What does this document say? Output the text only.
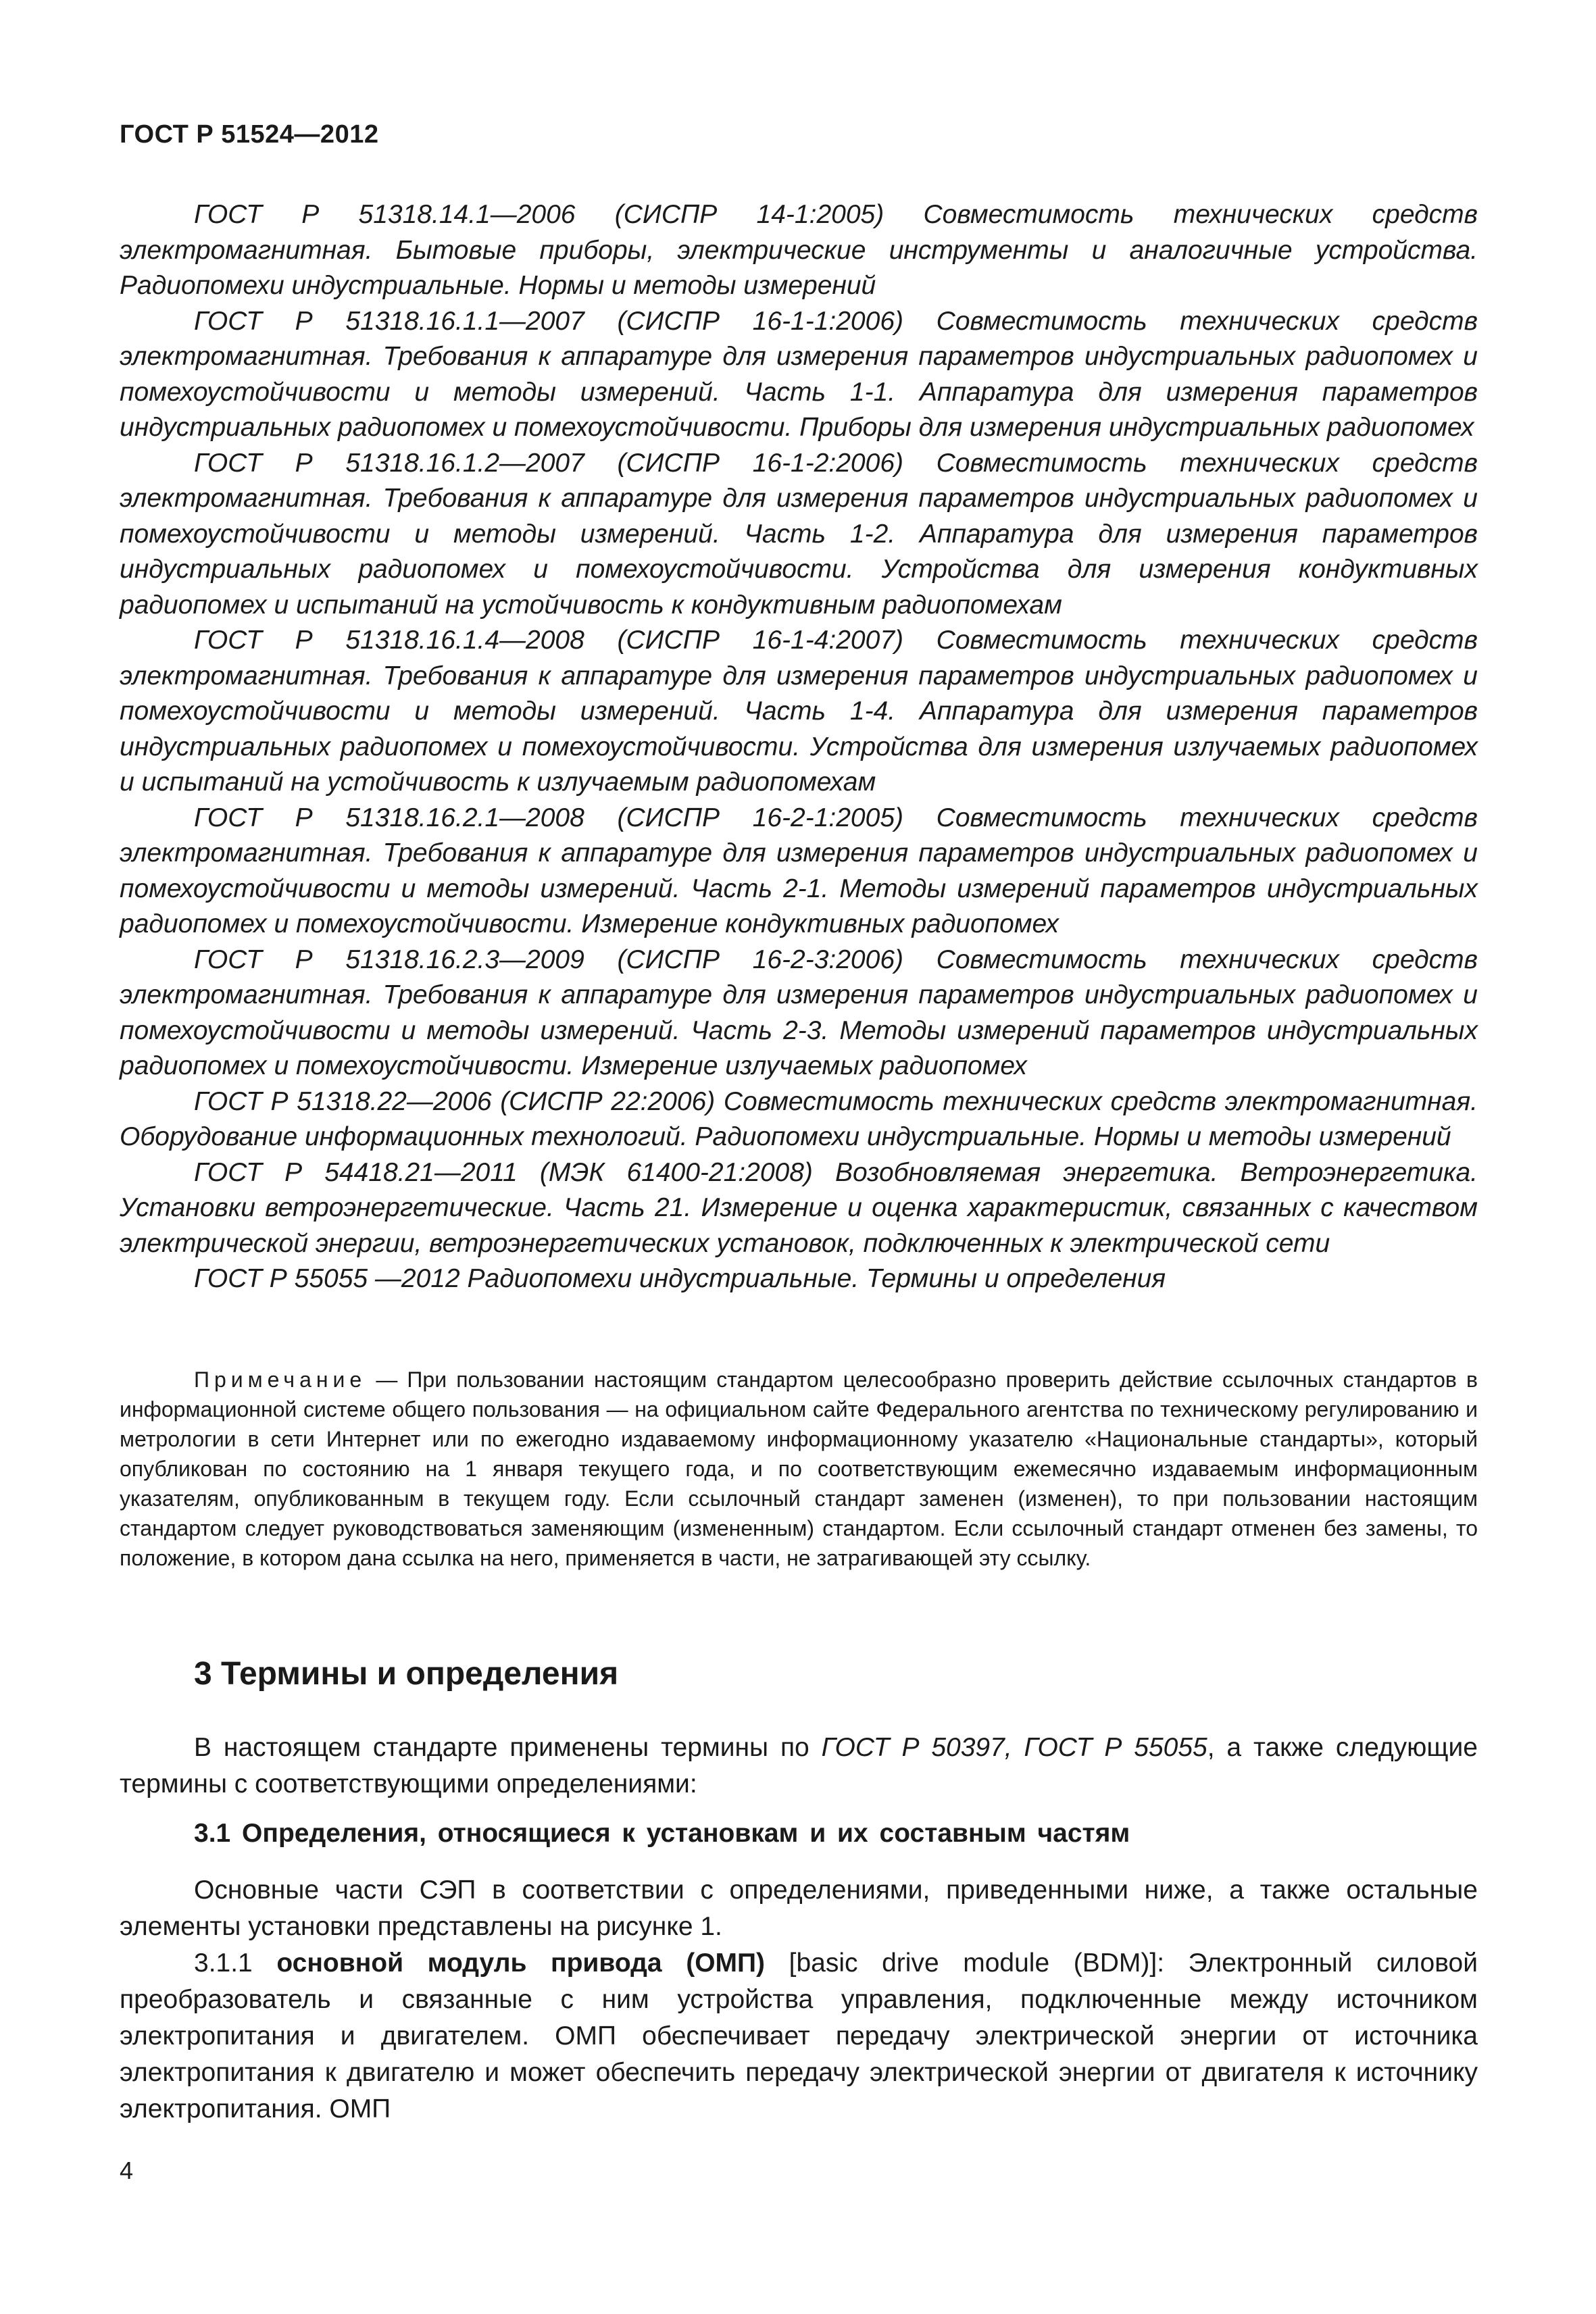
ГОСТ Р 51524—2012

ГОСТ Р 51318.14.1—2006 (СИСПР 14-1:2005) Совместимость технических средств электромагнитная. Бытовые приборы, электрические инструменты и аналогичные устройства. Радиопомехи индустриальные. Нормы и методы измерений

ГОСТ Р 51318.16.1.1—2007 (СИСПР 16-1-1:2006) Совместимость технических средств электромагнитная. Требования к аппаратуре для измерения параметров индустриальных радиопомех и помехоустойчивости и методы измерений. Часть 1-1. Аппаратура для измерения параметров индустриальных радиопомех и помехоустойчивости. Приборы для измерения индустриальных радиопомех

ГОСТ Р 51318.16.1.2—2007 (СИСПР 16-1-2:2006) Совместимость технических средств электромагнитная. Требования к аппаратуре для измерения параметров индустриальных радиопомех и помехоустойчивости и методы измерений. Часть 1-2. Аппаратура для измерения параметров индустриальных радиопомех и помехоустойчивости. Устройства для измерения кондуктивных радиопомех и испытаний на устойчивость к кондуктивным радиопомехам

ГОСТ Р 51318.16.1.4—2008 (СИСПР 16-1-4:2007) Совместимость технических средств электромагнитная. Требования к аппаратуре для измерения параметров индустриальных радиопомех и помехоустойчивости и методы измерений. Часть 1-4. Аппаратура для измерения параметров индустриальных радиопомех и помехоустойчивости. Устройства для измерения излучаемых радиопомех и испытаний на устойчивость к излучаемым радиопомехам

ГОСТ Р 51318.16.2.1—2008 (СИСПР 16-2-1:2005) Совместимость технических средств электромагнитная. Требования к аппаратуре для измерения параметров индустриальных радиопомех и помехоустойчивости и методы измерений. Часть 2-1. Методы измерений параметров индустриальных радиопомех и помехоустойчивости. Измерение кондуктивных радиопомех

ГОСТ Р 51318.16.2.3—2009 (СИСПР 16-2-3:2006) Совместимость технических средств электромагнитная. Требования к аппаратуре для измерения параметров индустриальных радиопомех и помехоустойчивости и методы измерений. Часть 2-3. Методы измерений параметров индустриальных радиопомех и помехоустойчивости. Измерение излучаемых радиопомех

ГОСТ Р 51318.22—2006 (СИСПР 22:2006) Совместимость технических средств электромагнитная. Оборудование информационных технологий. Радиопомехи индустриальные. Нормы и методы измерений

ГОСТ Р 54418.21—2011 (МЭК 61400-21:2008) Возобновляемая энергетика. Ветроэнергетика. Установки ветроэнергетические. Часть 21. Измерение и оценка характеристик, связанных с качеством электрической энергии, ветроэнергетических установок, подключенных к электрической сети

ГОСТ Р 55055 —2012 Радиопомехи индустриальные. Термины и определения

Примечание — При пользовании настоящим стандартом целесообразно проверить действие ссылочных стандартов в информационной системе общего пользования — на официальном сайте Федерального агентства по техническому регулированию и метрологии в сети Интернет или по ежегодно издаваемому информационному указателю «Национальные стандарты», который опубликован по состоянию на 1 января текущего года, и по соответствующим ежемесячно издаваемым информационным указателям, опубликованным в текущем году. Если ссылочный стандарт заменен (изменен), то при пользовании настоящим стандартом следует руководствоваться заменяющим (измененным) стандартом. Если ссылочный стандарт отменен без замены, то положение, в котором дана ссылка на него, применяется в части, не затрагивающей эту ссылку.

3 Термины и определения

В настоящем стандарте применены термины по ГОСТ Р 50397, ГОСТ Р 55055, а также следующие термины с соответствующими определениями:

3.1 Определения, относящиеся к установкам и их составным частям

Основные части СЭП в соответствии с определениями, приведенными ниже, а также остальные элементы установки представлены на рисунке 1.

3.1.1 основной модуль привода (ОМП) [basic drive module (BDM)]: Электронный силовой преобразователь и связанные с ним устройства управления, подключенные между источником электропитания и двигателем. ОМП обеспечивает передачу электрической энергии от источника электропитания к двигателю и может обеспечить передачу электрической энергии от двигателя к источнику электропитания. ОМП

4
